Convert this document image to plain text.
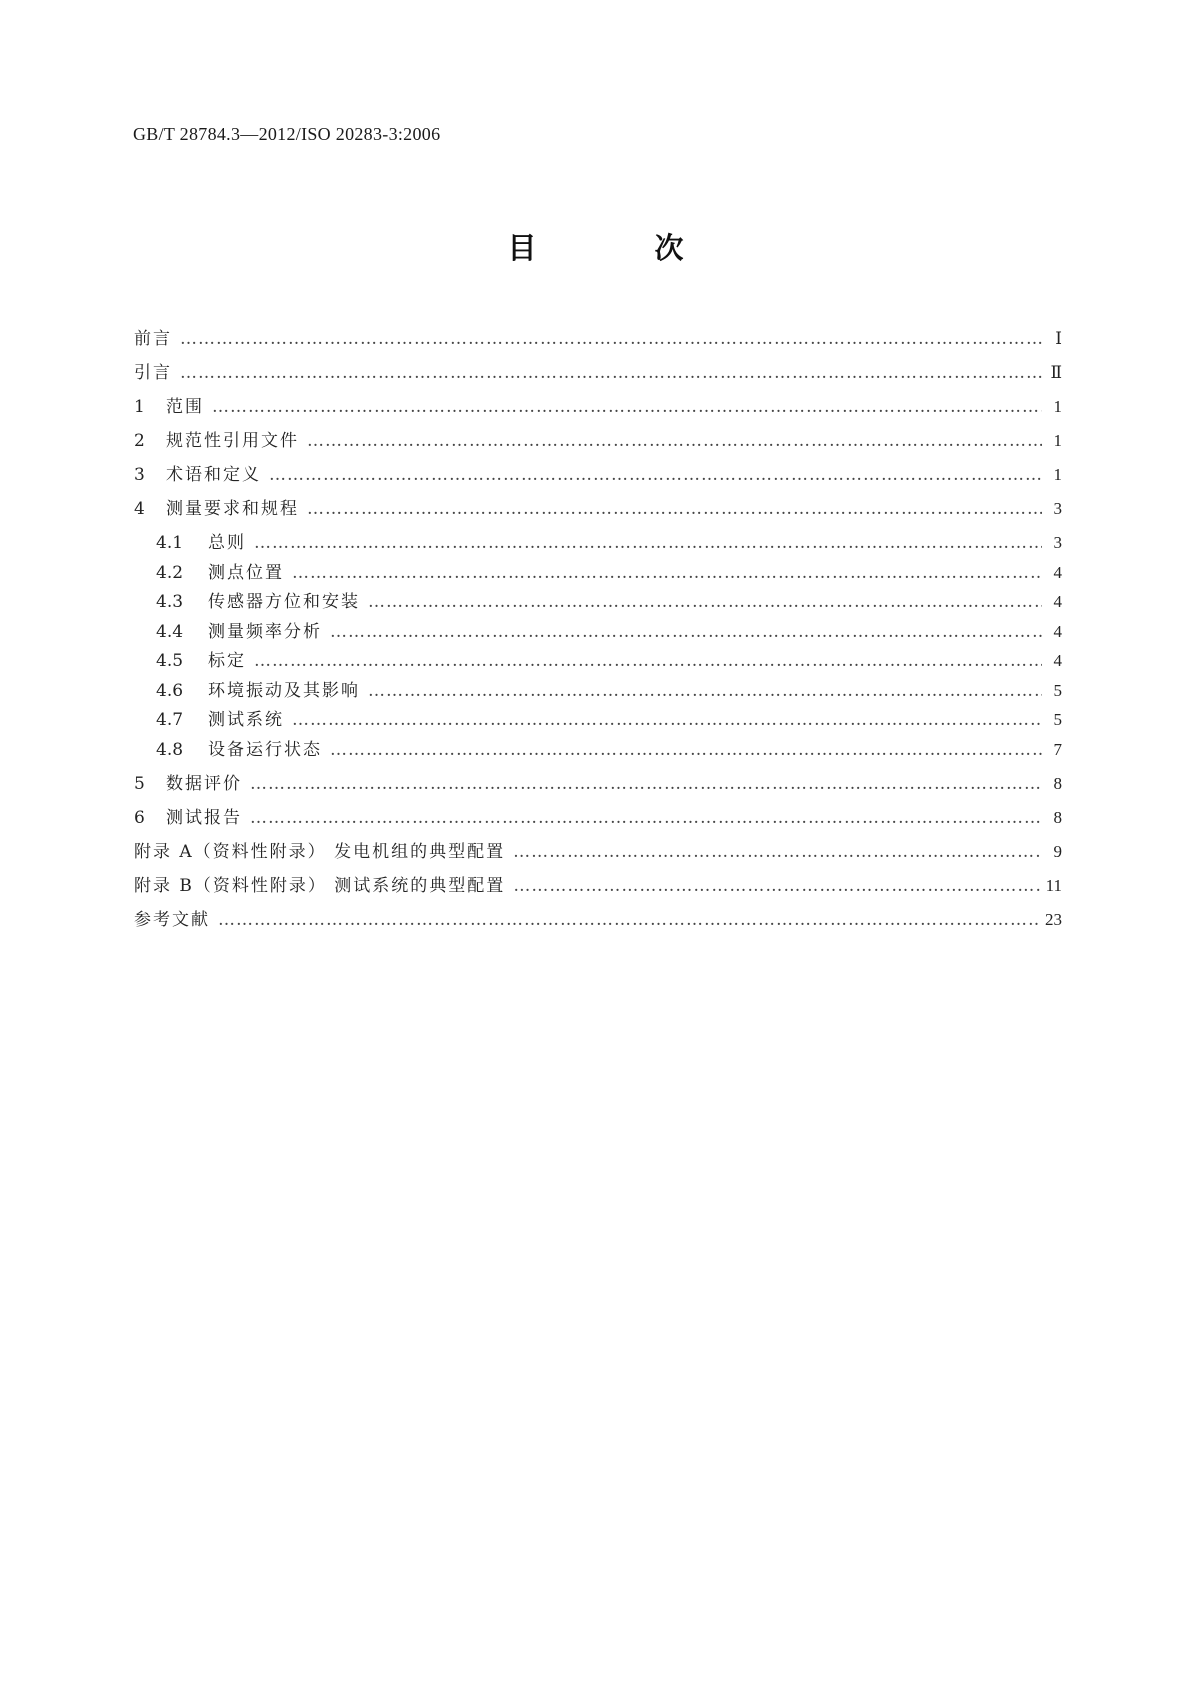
GB/T 28784.3—2012/ISO 20283-3:2006
目 次
前言 …………………………………………………………………………………………………………………………………………………………………………………………………………………………	Ⅰ
引言 …………………………………………………………………………………………………………………………………………………………………………………………………………………………	Ⅱ
1	范围 …………………………………………………………………………………………………………………………………………………………………………………………………………………………	1
2	规范性引用文件 …………………………………………………………………………………………………………………………………………………………………………………………………………………………	1
3	术语和定义 …………………………………………………………………………………………………………………………………………………………………………………………………………………………	1
4	测量要求和规程 …………………………………………………………………………………………………………………………………………………………………………………………………………………………	3
4.1	总则 …………………………………………………………………………………………………………………………………………………………………………………………………………………………	3
4.2	测点位置 …………………………………………………………………………………………………………………………………………………………………………………………………………………………	4
4.3	传感器方位和安装 …………………………………………………………………………………………………………………………………………………………………………………………………………………………	4
4.4	测量频率分析 …………………………………………………………………………………………………………………………………………………………………………………………………………………………	4
4.5	标定 …………………………………………………………………………………………………………………………………………………………………………………………………………………………	4
4.6	环境振动及其影响 …………………………………………………………………………………………………………………………………………………………………………………………………………………………	5
4.7	测试系统 …………………………………………………………………………………………………………………………………………………………………………………………………………………………	5
4.8	设备运行状态 …………………………………………………………………………………………………………………………………………………………………………………………………………………………	7
5	数据评价 …………………………………………………………………………………………………………………………………………………………………………………………………………………………	8
6	测试报告 …………………………………………………………………………………………………………………………………………………………………………………………………………………………	8
附录 A（资料性附录） 发电机组的典型配置 …………………………………………………………………………………………………………………………………………………………………………………………………………………………	9
附录 B（资料性附录） 测试系统的典型配置 …………………………………………………………………………………………………………………………………………………………………………………………………………………………	11
参考文献 …………………………………………………………………………………………………………………………………………………………………………………………………………………………	23
